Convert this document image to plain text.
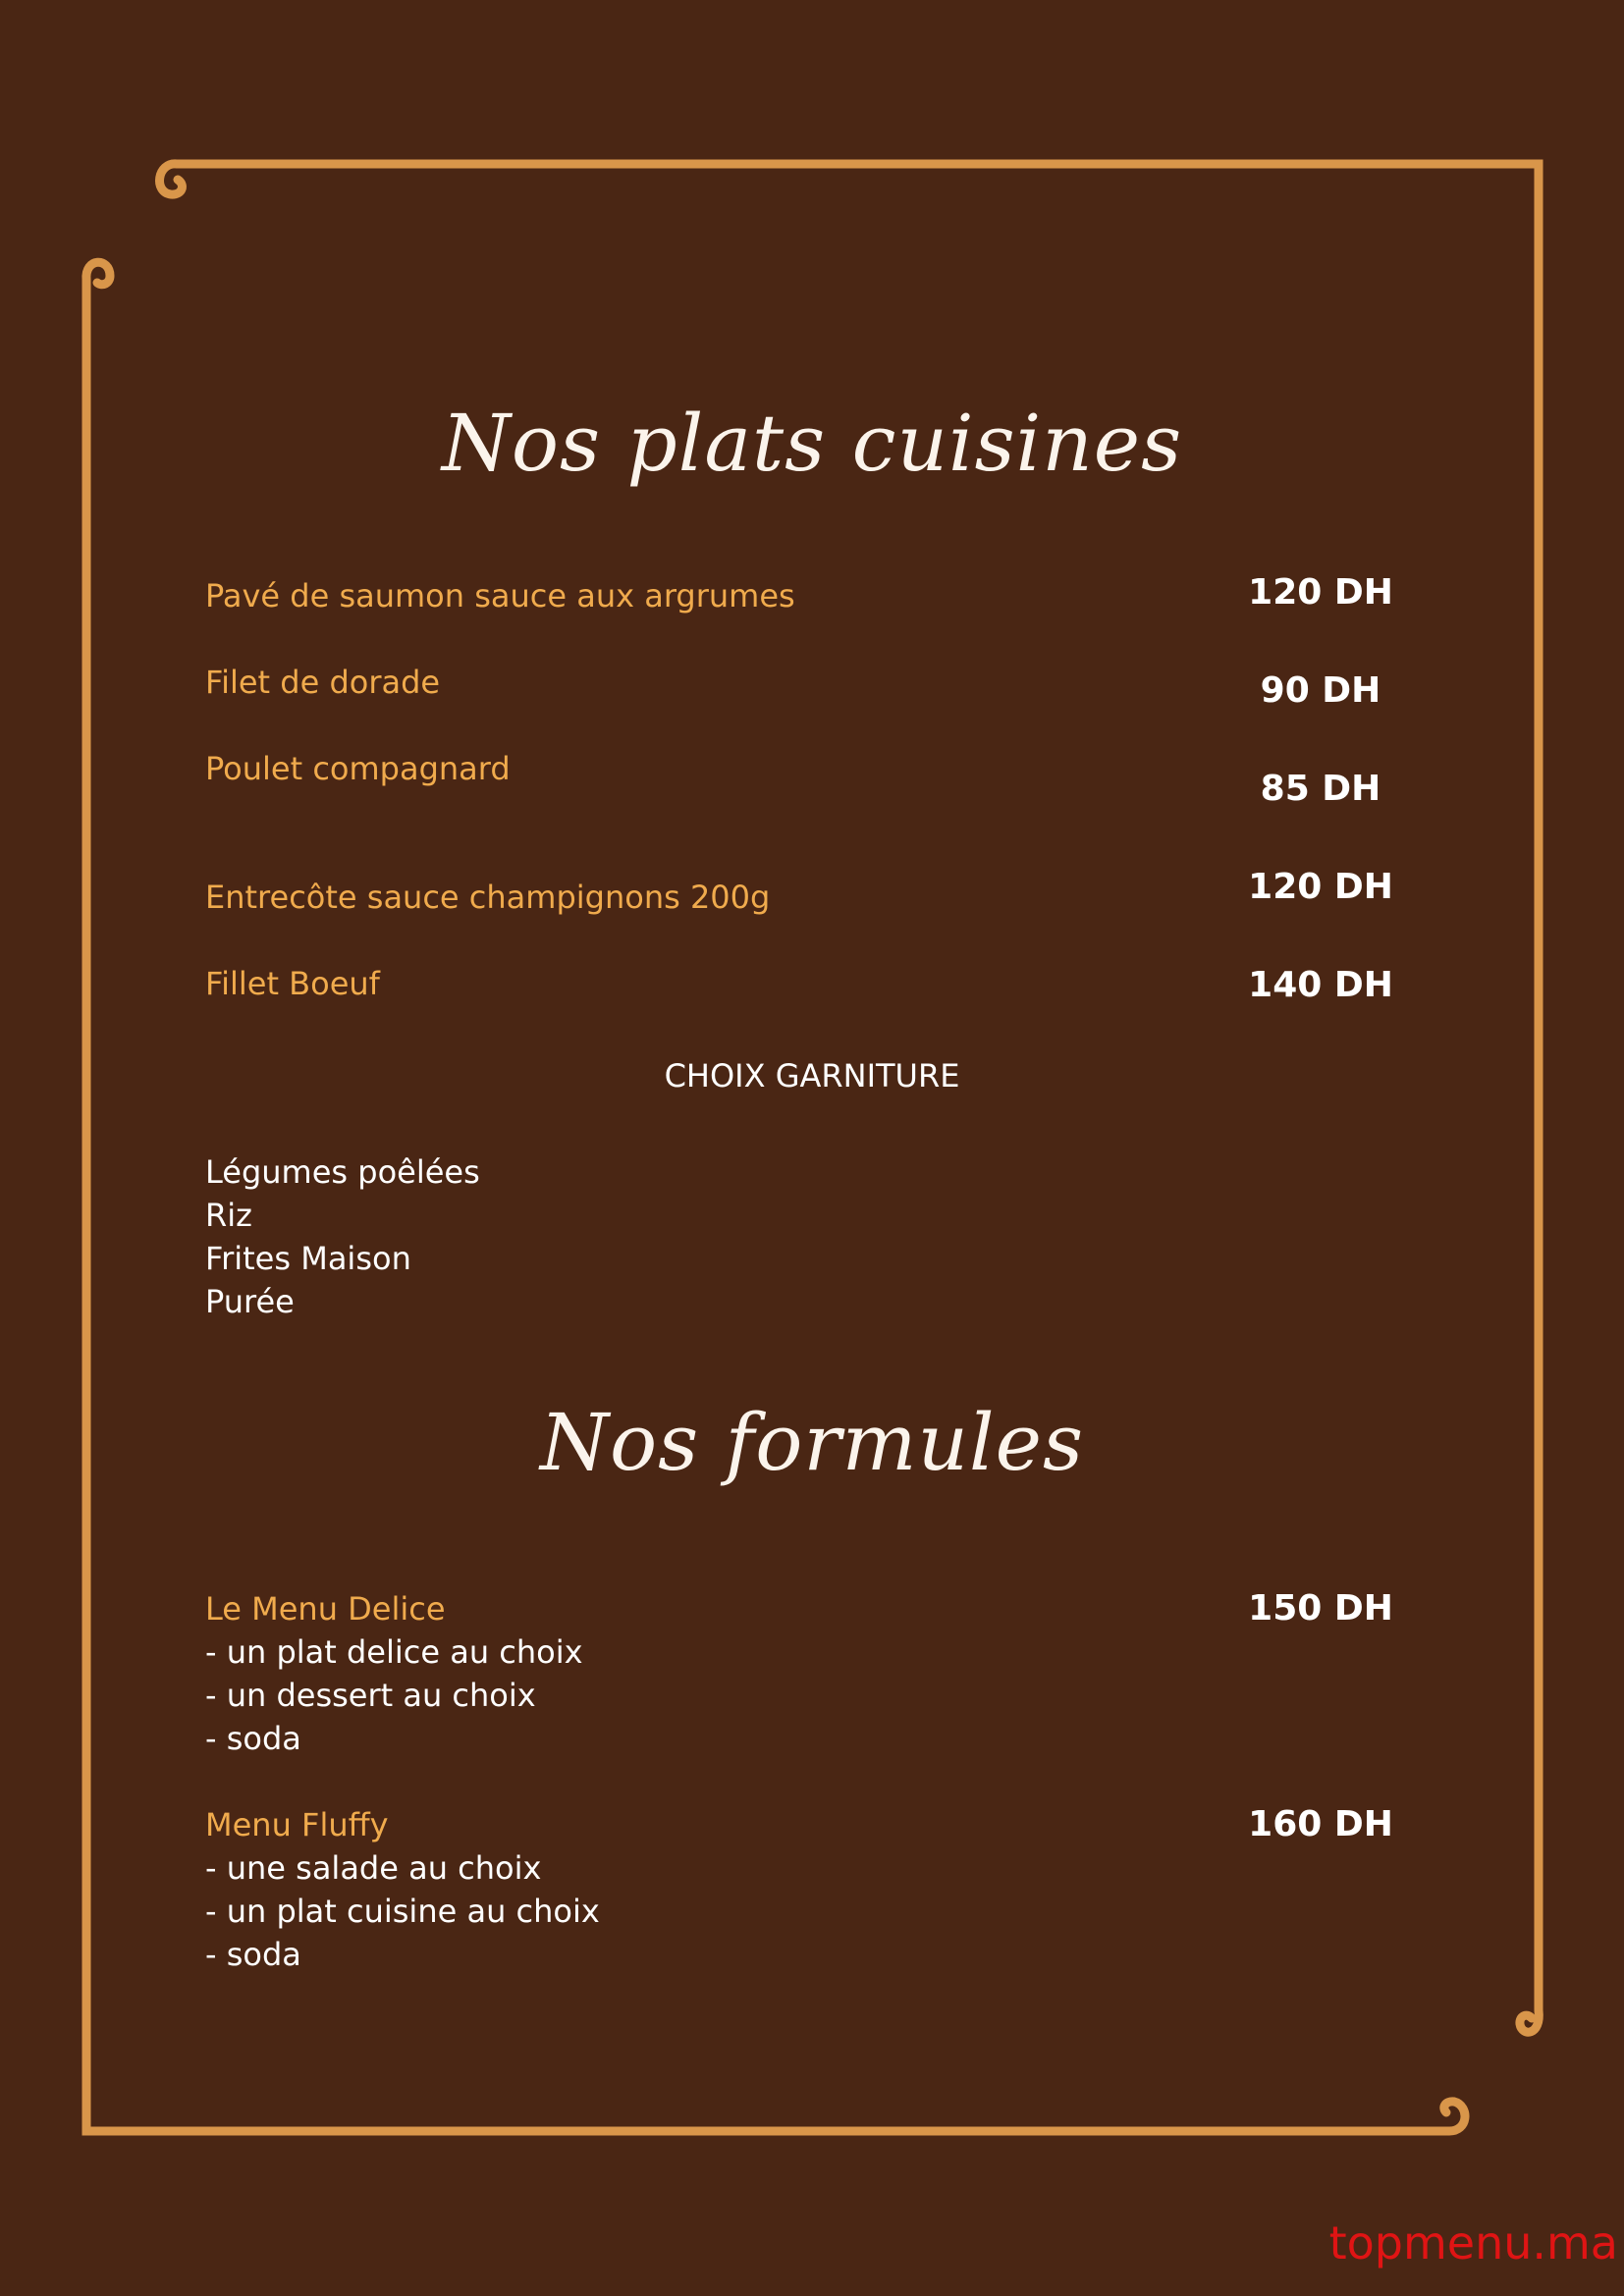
Nos plats cuisines
Pavé de saumon sauce aux argrumes	120 DH
Filet de dorade	90 DH
Poulet compagnard	85 DH
Entrecôte sauce champignons 200g	120 DH
Fillet Boeuf	140 DH
CHOIX GARNITURE
Légumes poêlées
Riz
Frites Maison
Purée
Nos formules
Le Menu Delice	150 DH
- un plat delice au choix
- un dessert au choix
- soda
Menu Fluffy	160 DH
- une salade au choix
- un plat cuisine au choix
- soda
topmenu.ma
